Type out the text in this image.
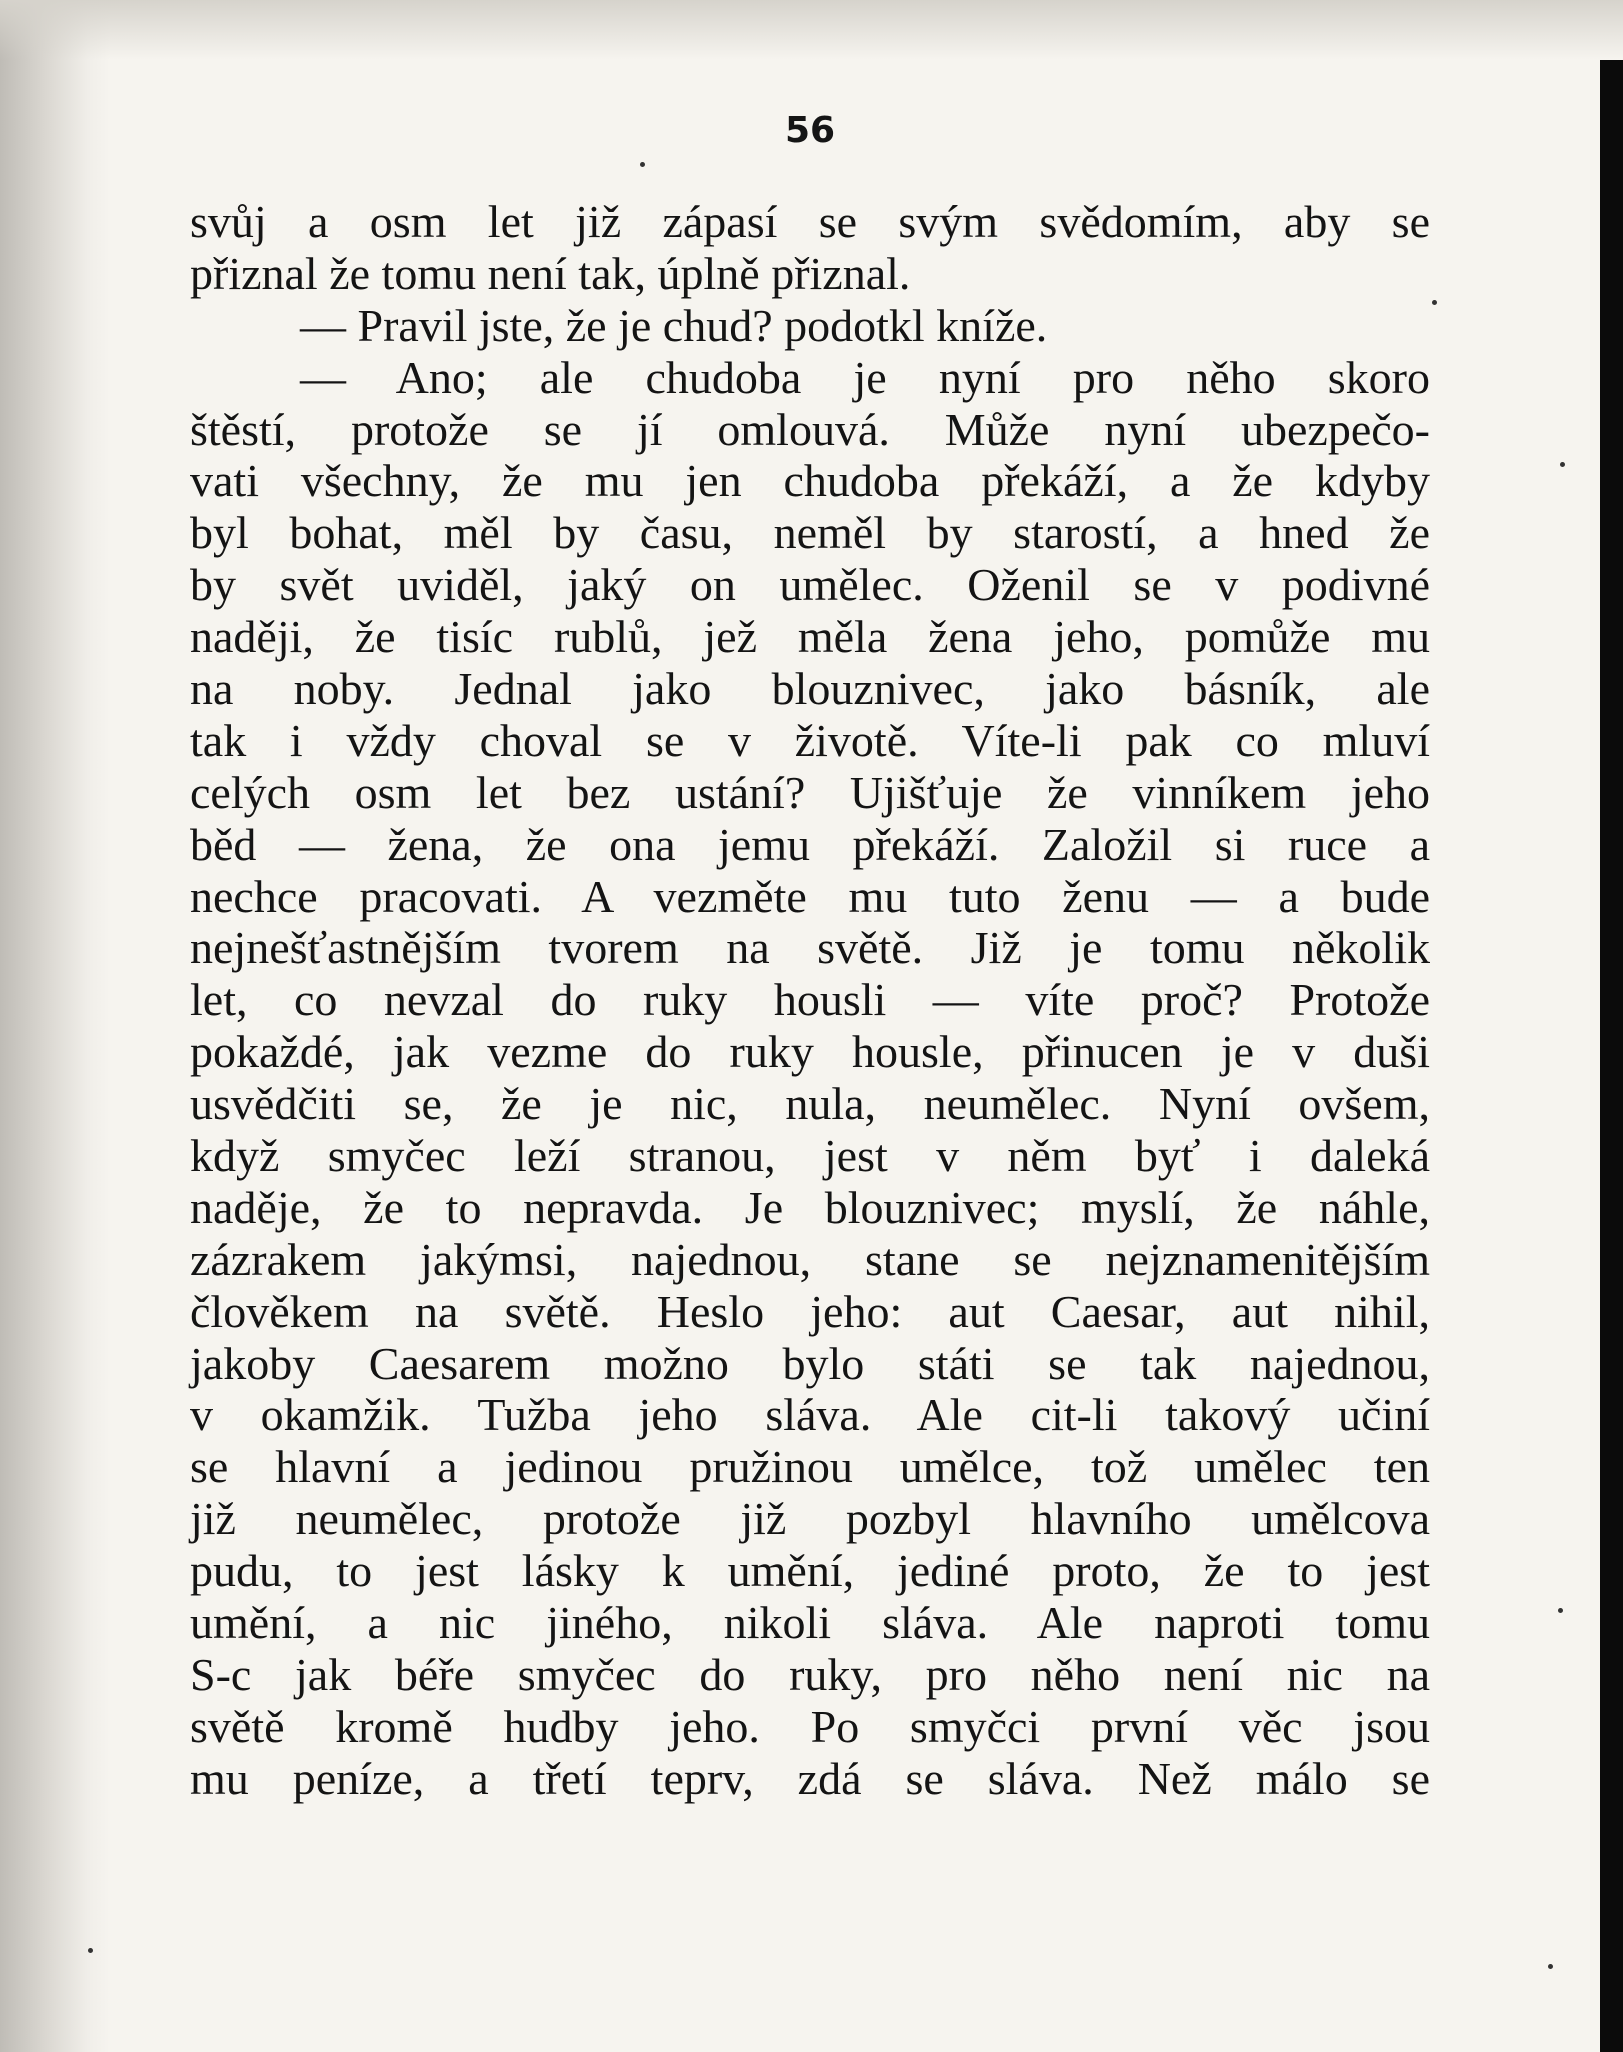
56
svůj a osm let již zápasí se svým svědomím, aby se
přiznal že tomu není tak, úplně přiznal.
— Pravil jste, že je chud? podotkl kníže.
— Ano; ale chudoba je nyní pro něho skoro
štěstí, protože se jí omlouvá. Může nyní ubezpečo-
vati všechny, že mu jen chudoba překáží, a že kdyby
byl bohat, měl by času, neměl by starostí, a hned že
by svět uviděl, jaký on umělec. Oženil se v podivné
naději, že tisíc rublů, jež měla žena jeho, pomůže mu
na noby. Jednal jako blouznivec, jako básník, ale
tak i vždy choval se v životě. Víte-li pak co mluví
celých osm let bez ustání? Ujišťuje že vinníkem jeho
běd — žena, že ona jemu překáží. Založil si ruce a
nechce pracovati. A vezměte mu tuto ženu — a bude
nejnešťastnějším tvorem na světě. Již je tomu několik
let, co nevzal do ruky housli — víte proč? Protože
pokaždé, jak vezme do ruky housle, přinucen je v duši
usvědčiti se, že je nic, nula, neumělec. Nyní ovšem,
když smyčec leží stranou, jest v něm byť i daleká
naděje, že to nepravda. Je blouznivec; myslí, že náhle,
zázrakem jakýmsi, najednou, stane se nejznamenitějším
člověkem na světě. Heslo jeho: aut Caesar, aut nihil,
jakoby Caesarem možno bylo státi se tak najednou,
v okamžik. Tužba jeho sláva. Ale cit-li takový učiní
se hlavní a jedinou pružinou umělce, tož umělec ten
již neumělec, protože již pozbyl hlavního umělcova
pudu, to jest lásky k umění, jediné proto, že to jest
umění, a nic jiného, nikoli sláva. Ale naproti tomu
S-c jak béře smyčec do ruky, pro něho není nic na
světě kromě hudby jeho. Po smyčci první věc jsou
mu peníze, a třetí teprv, zdá se sláva. Než málo se
